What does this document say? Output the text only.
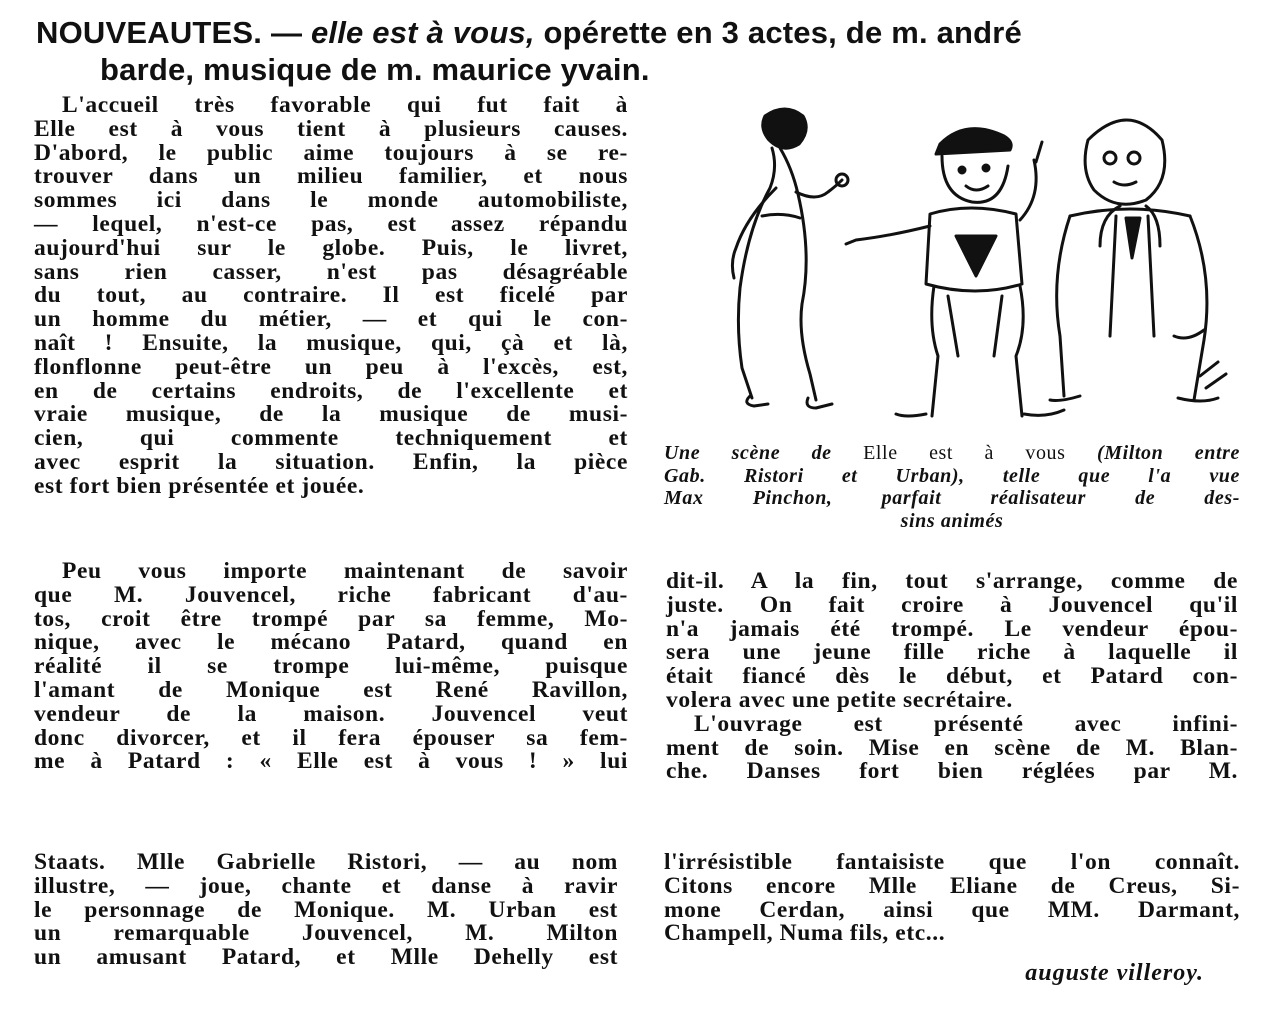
NOUVEAUTES. — elle est à vous, opérette en 3 actes, de m. andré
barde, musique de m. maurice yvain.
L'accueil très favorable qui fut fait à
Elle est à vous tient à plusieurs causes.
D'abord, le public aime toujours à se re-
trouver dans un milieu familier, et nous
sommes ici dans le monde automobiliste,
— lequel, n'est-ce pas, est assez répandu
aujourd'hui sur le globe. Puis, le livret,
sans rien casser, n'est pas désagréable
du tout, au contraire. Il est ficelé par
un homme du métier, — et qui le con-
naît ! Ensuite, la musique, qui, çà et là,
flonflonne peut-être un peu à l'excès, est,
en de certains endroits, de l'excellente et
vraie musique, de la musique de musi-
cien, qui commente techniquement et
avec esprit la situation. Enfin, la pièce
est fort bien présentée et jouée.
Une scène de Elle est à vous (Milton entre
Gab. Ristori et Urban), telle que l'a vue
Max Pinchon, parfait réalisateur de des-
sins animés
Peu vous importe maintenant de savoir
que M. Jouvencel, riche fabricant d'au-
tos, croit être trompé par sa femme, Mo-
nique, avec le mécano Patard, quand en
réalité il se trompe lui-même, puisque
l'amant de Monique est René Ravillon,
vendeur de la maison. Jouvencel veut
donc divorcer, et il fera épouser sa fem-
me à Patard : « Elle est à vous ! » lui
dit-il. A la fin, tout s'arrange, comme de
juste. On fait croire à Jouvencel qu'il
n'a jamais été trompé. Le vendeur épou-
sera une jeune fille riche à laquelle il
était fiancé dès le début, et Patard con-
volera avec une petite secrétaire.
L'ouvrage est présenté avec infini-
ment de soin. Mise en scène de M. Blan-
che. Danses fort bien réglées par M.
Staats. Mlle Gabrielle Ristori, — au nom
illustre, — joue, chante et danse à ravir
le personnage de Monique. M. Urban est
un remarquable Jouvencel, M. Milton
un amusant Patard, et Mlle Dehelly est
l'irrésistible fantaisiste que l'on connaît.
Citons encore Mlle Eliane de Creus, Si-
mone Cerdan, ainsi que MM. Darmant,
Champell, Numa fils, etc...
auguste villeroy.
